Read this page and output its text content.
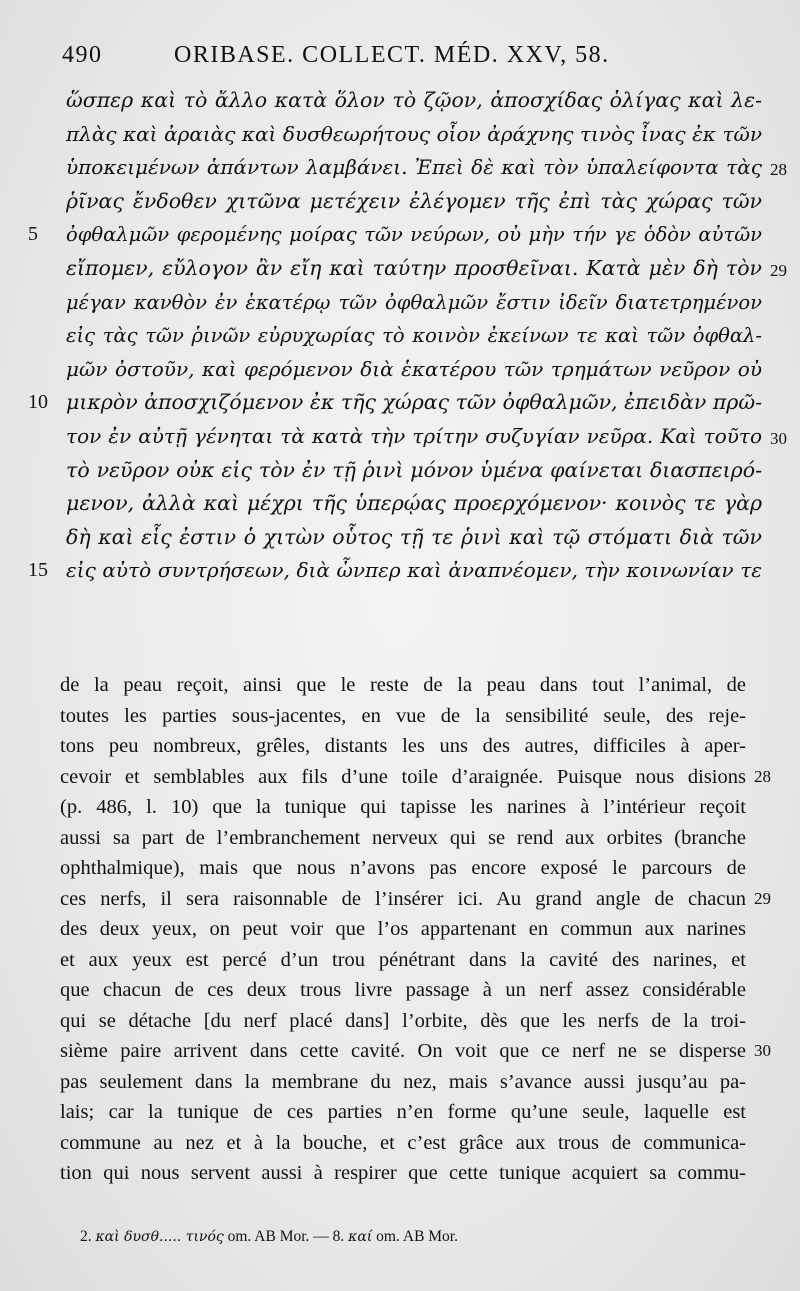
490	ORIBASE. COLLECT. MÉD. XXV, 58.
ὥσπερ καὶ τὸ ἄλλο κατὰ ὅλον τὸ ζῷον, ἀποσχίδας ὀλίγας καὶ λε-
πλὰς καὶ ἀραιὰς καὶ δυσθεωρήτους οἷον ἀράχνης τινὸς ἶνας ἐκ τῶν
ὑποκειμένων ἁπάντων λαμβάνει. Ἐπεὶ δὲ καὶ τὸν ὑπαλείφοντα τὰς 28
ῥῖνας ἔνδοθεν χιτῶνα μετέχειν ἐλέγομεν τῆς ἐπὶ τὰς χώρας τῶν
ὀφθαλμῶν φερομένης μοίρας τῶν νεύρων, οὐ μὴν τήν γε ὁδὸν αὐτῶν
5
εἴπομεν, εὔλογον ἂν εἴη καὶ ταύτην προσθεῖναι. Κατὰ μὲν δὴ τὸν 29
μέγαν κανθὸν ἐν ἑκατέρῳ τῶν ὀφθαλμῶν ἔστιν ἰδεῖν διατετρημένον
εἰς τὰς τῶν ῥινῶν εὐρυχωρίας τὸ κοινὸν ἐκείνων τε καὶ τῶν ὀφθαλ-
μῶν ὀστοῦν, καὶ φερόμενον διὰ ἑκατέρου τῶν τρημάτων νεῦρον οὐ
μικρὸν ἀποσχιζόμενον ἐκ τῆς χώρας τῶν ὀφθαλμῶν, ἐπειδὰν πρῶ-
10
τον ἐν αὐτῇ γένηται τὰ κατὰ τὴν τρίτην συζυγίαν νεῦρα. Καὶ τοῦτο 30
τὸ νεῦρον οὐκ εἰς τὸν ἐν τῇ ῥινὶ μόνον ὑμένα φαίνεται διασπειρό-
μενον, ἀλλὰ καὶ μέχρι τῆς ὑπερῴας προερχόμενον· κοινὸς τε γὰρ
δὴ καὶ εἷς ἐστιν ὁ χιτὼν οὗτος τῇ τε ῥινὶ καὶ τῷ στόματι διὰ τῶν
εἰς αὐτὸ συντρήσεων, διὰ ὧνπερ καὶ ἀναπνέομεν, τὴν κοινωνίαν τε
15
de la peau reçoit, ainsi que le reste de la peau dans tout l’animal, de
toutes les parties sous-jacentes, en vue de la sensibilité seule, des reje-
tons peu nombreux, grêles, distants les uns des autres, difficiles à aper-
cevoir et semblables aux fils d’une toile d’araignée. Puisque nous disions 28
(p. 486, l. 10) que la tunique qui tapisse les narines à l’intérieur reçoit
aussi sa part de l’embranchement nerveux qui se rend aux orbites (branche
ophthalmique), mais que nous n’avons pas encore exposé le parcours de
ces nerfs, il sera raisonnable de l’insérer ici. Au grand angle de chacun 29
des deux yeux, on peut voir que l’os appartenant en commun aux narines
et aux yeux est percé d’un trou pénétrant dans la cavité des narines, et
que chacun de ces deux trous livre passage à un nerf assez considérable
qui se détache [du nerf placé dans] l’orbite, dès que les nerfs de la troi-
sième paire arrivent dans cette cavité. On voit que ce nerf ne se disperse 30
pas seulement dans la membrane du nez, mais s’avance aussi jusqu’au pa-
lais; car la tunique de ces parties n’en forme qu’une seule, laquelle est
commune au nez et à la bouche, et c’est grâce aux trous de communica-
tion qui nous servent aussi à respirer que cette tunique acquiert sa commu-
2. καὶ δυσθ..... τινός om. AB Mor. — 8. καί om. AB Mor.
